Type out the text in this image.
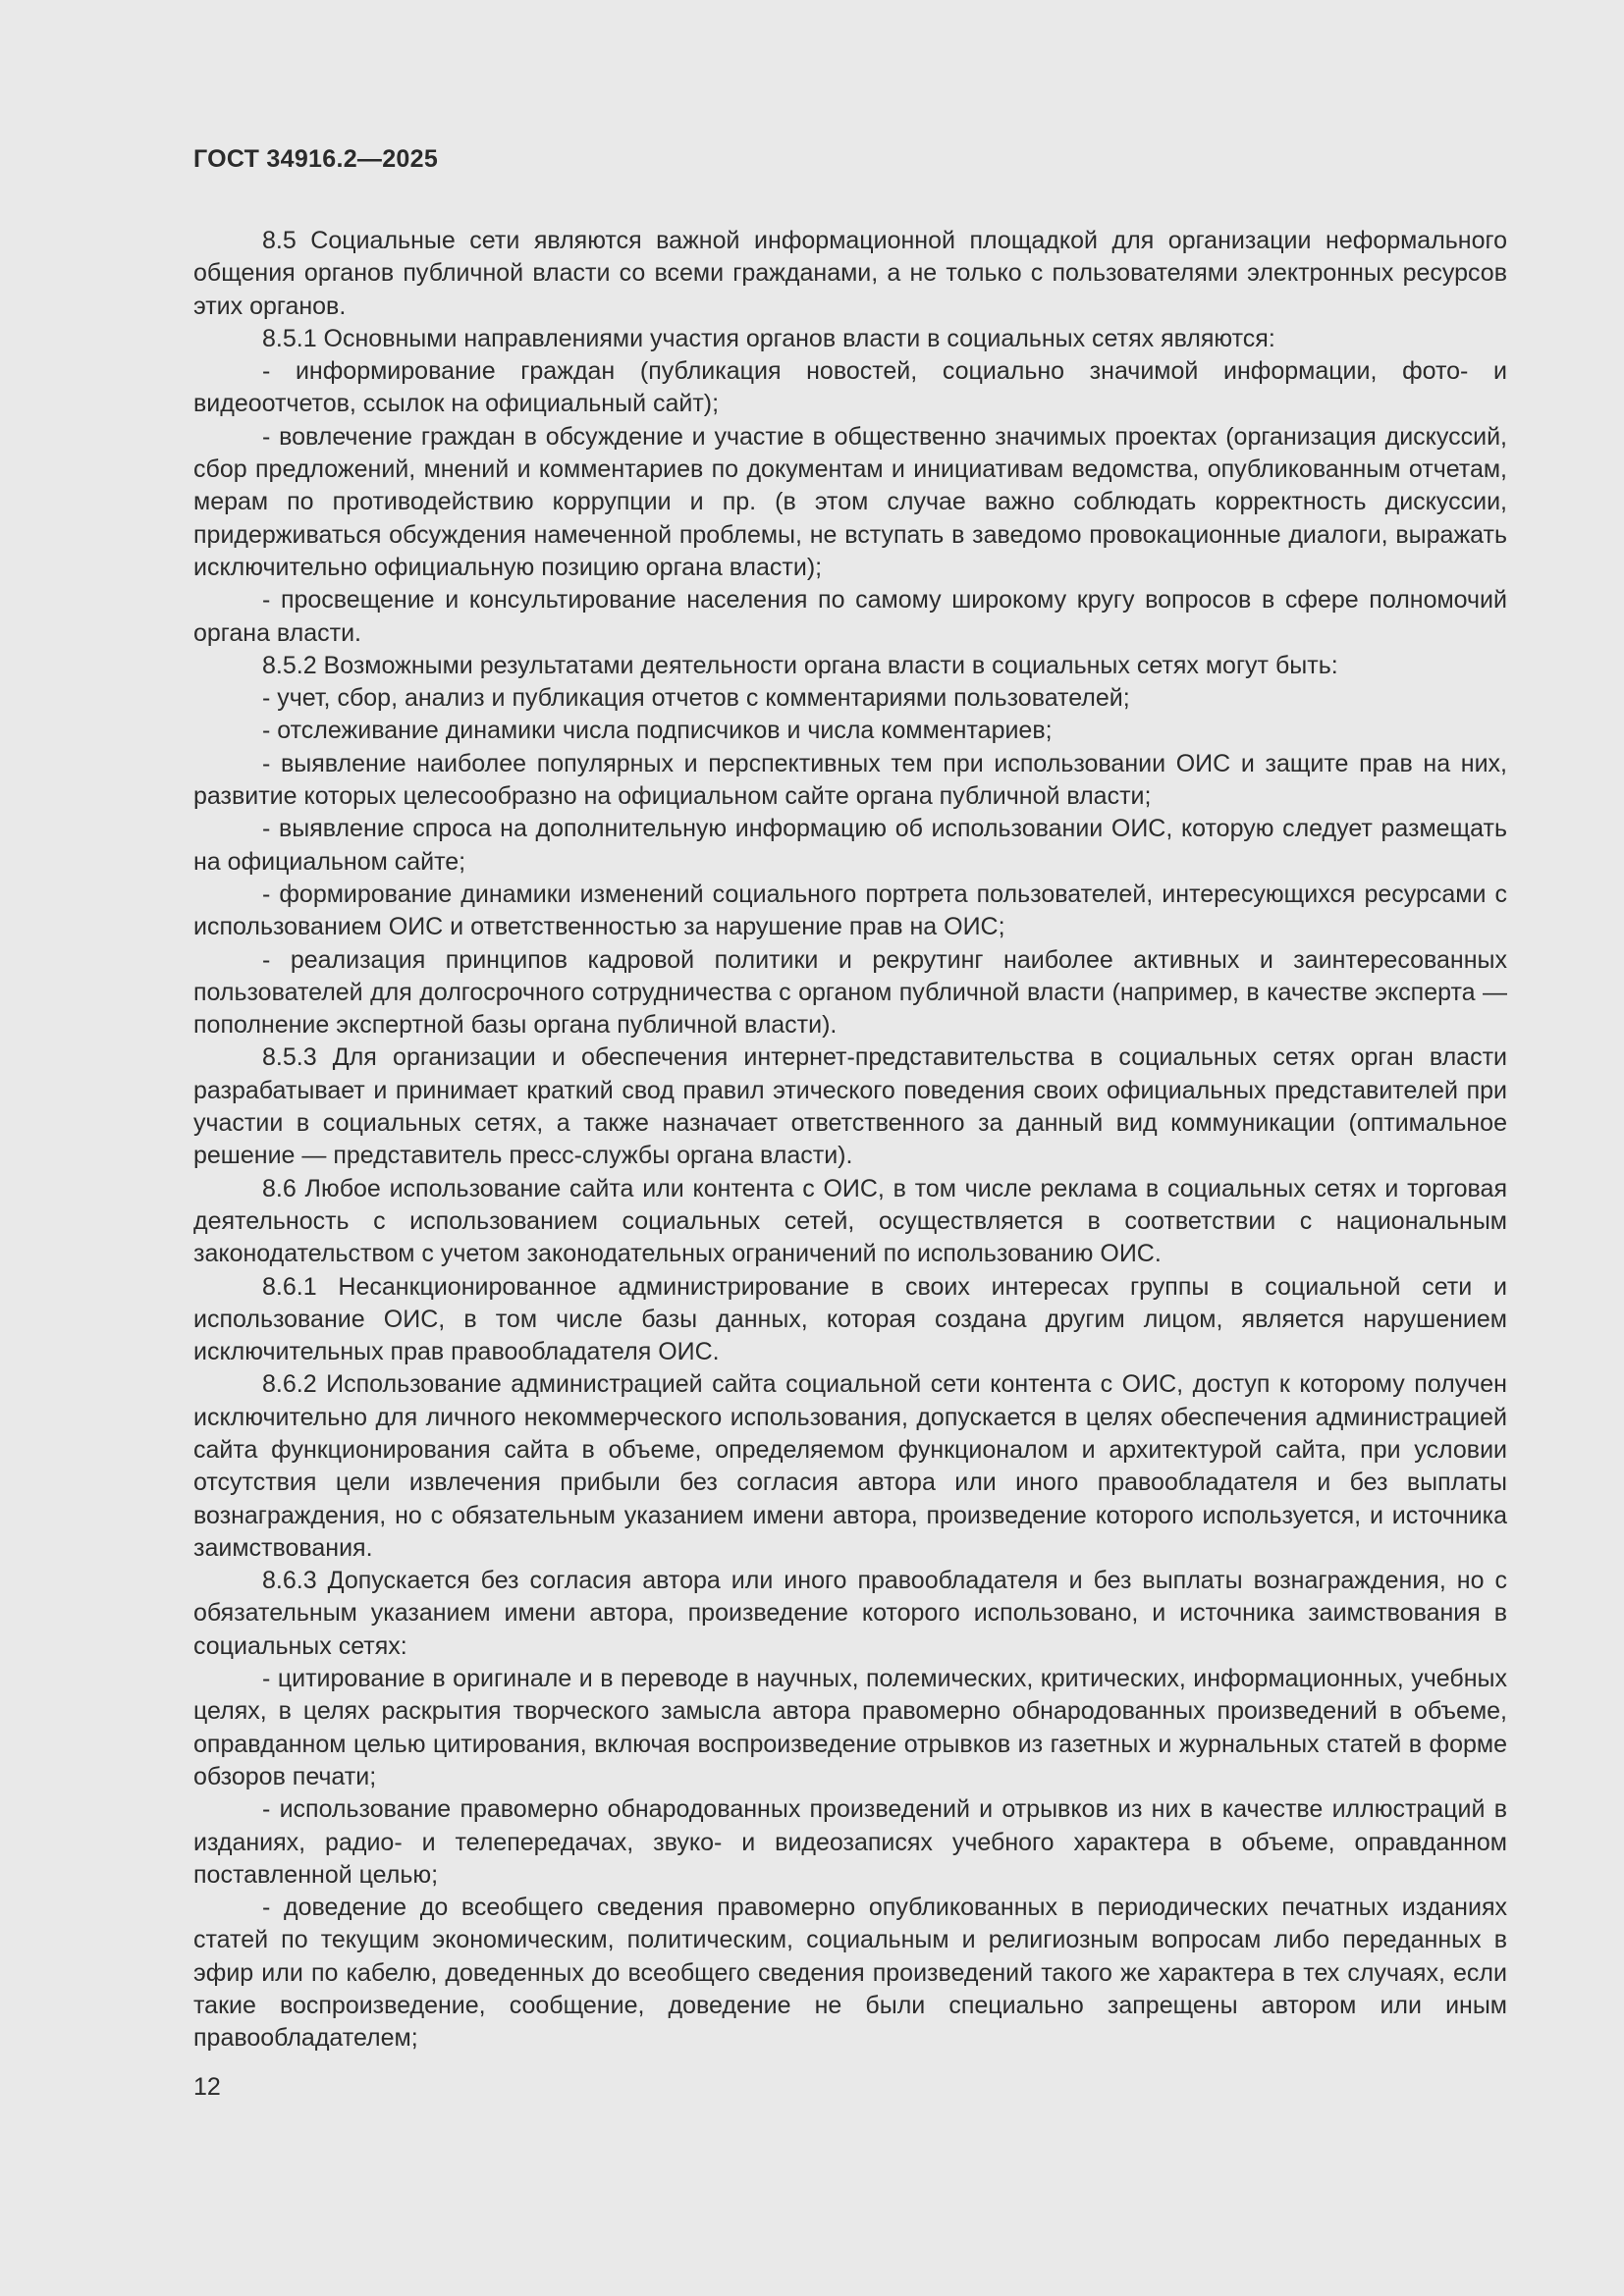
ГОСТ 34916.2—2025

8.5 Социальные сети являются важной информационной площадкой для организации неформального общения органов публичной власти со всеми гражданами, а не только с пользователями электронных ресурсов этих органов.

8.5.1 Основными направлениями участия органов власти в социальных сетях являются:

- информирование граждан (публикация новостей, социально значимой информации, фото- и видеоотчетов, ссылок на официальный сайт);

- вовлечение граждан в обсуждение и участие в общественно значимых проектах (организация дискуссий, сбор предложений, мнений и комментариев по документам и инициативам ведомства, опубликованным отчетам, мерам по противодействию коррупции и пр. (в этом случае важно соблюдать корректность дискуссии, придерживаться обсуждения намеченной проблемы, не вступать в заведомо провокационные диалоги, выражать исключительно официальную позицию органа власти);

- просвещение и консультирование населения по самому широкому кругу вопросов в сфере полномочий органа власти.

8.5.2 Возможными результатами деятельности органа власти в социальных сетях могут быть:

- учет, сбор, анализ и публикация отчетов с комментариями пользователей;

- отслеживание динамики числа подписчиков и числа комментариев;

- выявление наиболее популярных и перспективных тем при использовании ОИС и защите прав на них, развитие которых целесообразно на официальном сайте органа публичной власти;

- выявление спроса на дополнительную информацию об использовании ОИС, которую следует размещать на официальном сайте;

- формирование динамики изменений социального портрета пользователей, интересующихся ресурсами с использованием ОИС и ответственностью за нарушение прав на ОИС;

- реализация принципов кадровой политики и рекрутинг наиболее активных и заинтересованных пользователей для долгосрочного сотрудничества с органом публичной власти (например, в качестве эксперта — пополнение экспертной базы органа публичной власти).

8.5.3 Для организации и обеспечения интернет-представительства в социальных сетях орган власти разрабатывает и принимает краткий свод правил этического поведения своих официальных представителей при участии в социальных сетях, а также назначает ответственного за данный вид коммуникации (оптимальное решение — представитель пресс-службы органа власти).

8.6 Любое использование сайта или контента с ОИС, в том числе реклама в социальных сетях и торговая деятельность с использованием социальных сетей, осуществляется в соответствии с национальным законодательством с учетом законодательных ограничений по использованию ОИС.

8.6.1 Несанкционированное администрирование в своих интересах группы в социальной сети и использование ОИС, в том числе базы данных, которая создана другим лицом, является нарушением исключительных прав правообладателя ОИС.

8.6.2 Использование администрацией сайта социальной сети контента с ОИС, доступ к которому получен исключительно для личного некоммерческого использования, допускается в целях обеспечения администрацией сайта функционирования сайта в объеме, определяемом функционалом и архитектурой сайта, при условии отсутствия цели извлечения прибыли без согласия автора или иного правообладателя и без выплаты вознаграждения, но с обязательным указанием имени автора, произведение которого используется, и источника заимствования.

8.6.3 Допускается без согласия автора или иного правообладателя и без выплаты вознаграждения, но с обязательным указанием имени автора, произведение которого использовано, и источника заимствования в социальных сетях:

- цитирование в оригинале и в переводе в научных, полемических, критических, информационных, учебных целях, в целях раскрытия творческого замысла автора правомерно обнародованных произведений в объеме, оправданном целью цитирования, включая воспроизведение отрывков из газетных и журнальных статей в форме обзоров печати;

- использование правомерно обнародованных произведений и отрывков из них в качестве иллюстраций в изданиях, радио- и телепередачах, звуко- и видеозаписях учебного характера в объеме, оправданном поставленной целью;

- доведение до всеобщего сведения правомерно опубликованных в периодических печатных изданиях статей по текущим экономическим, политическим, социальным и религиозным вопросам либо переданных в эфир или по кабелю, доведенных до всеобщего сведения произведений такого же характера в тех случаях, если такие воспроизведение, сообщение, доведение не были специально запрещены автором или иным правообладателем;

12
